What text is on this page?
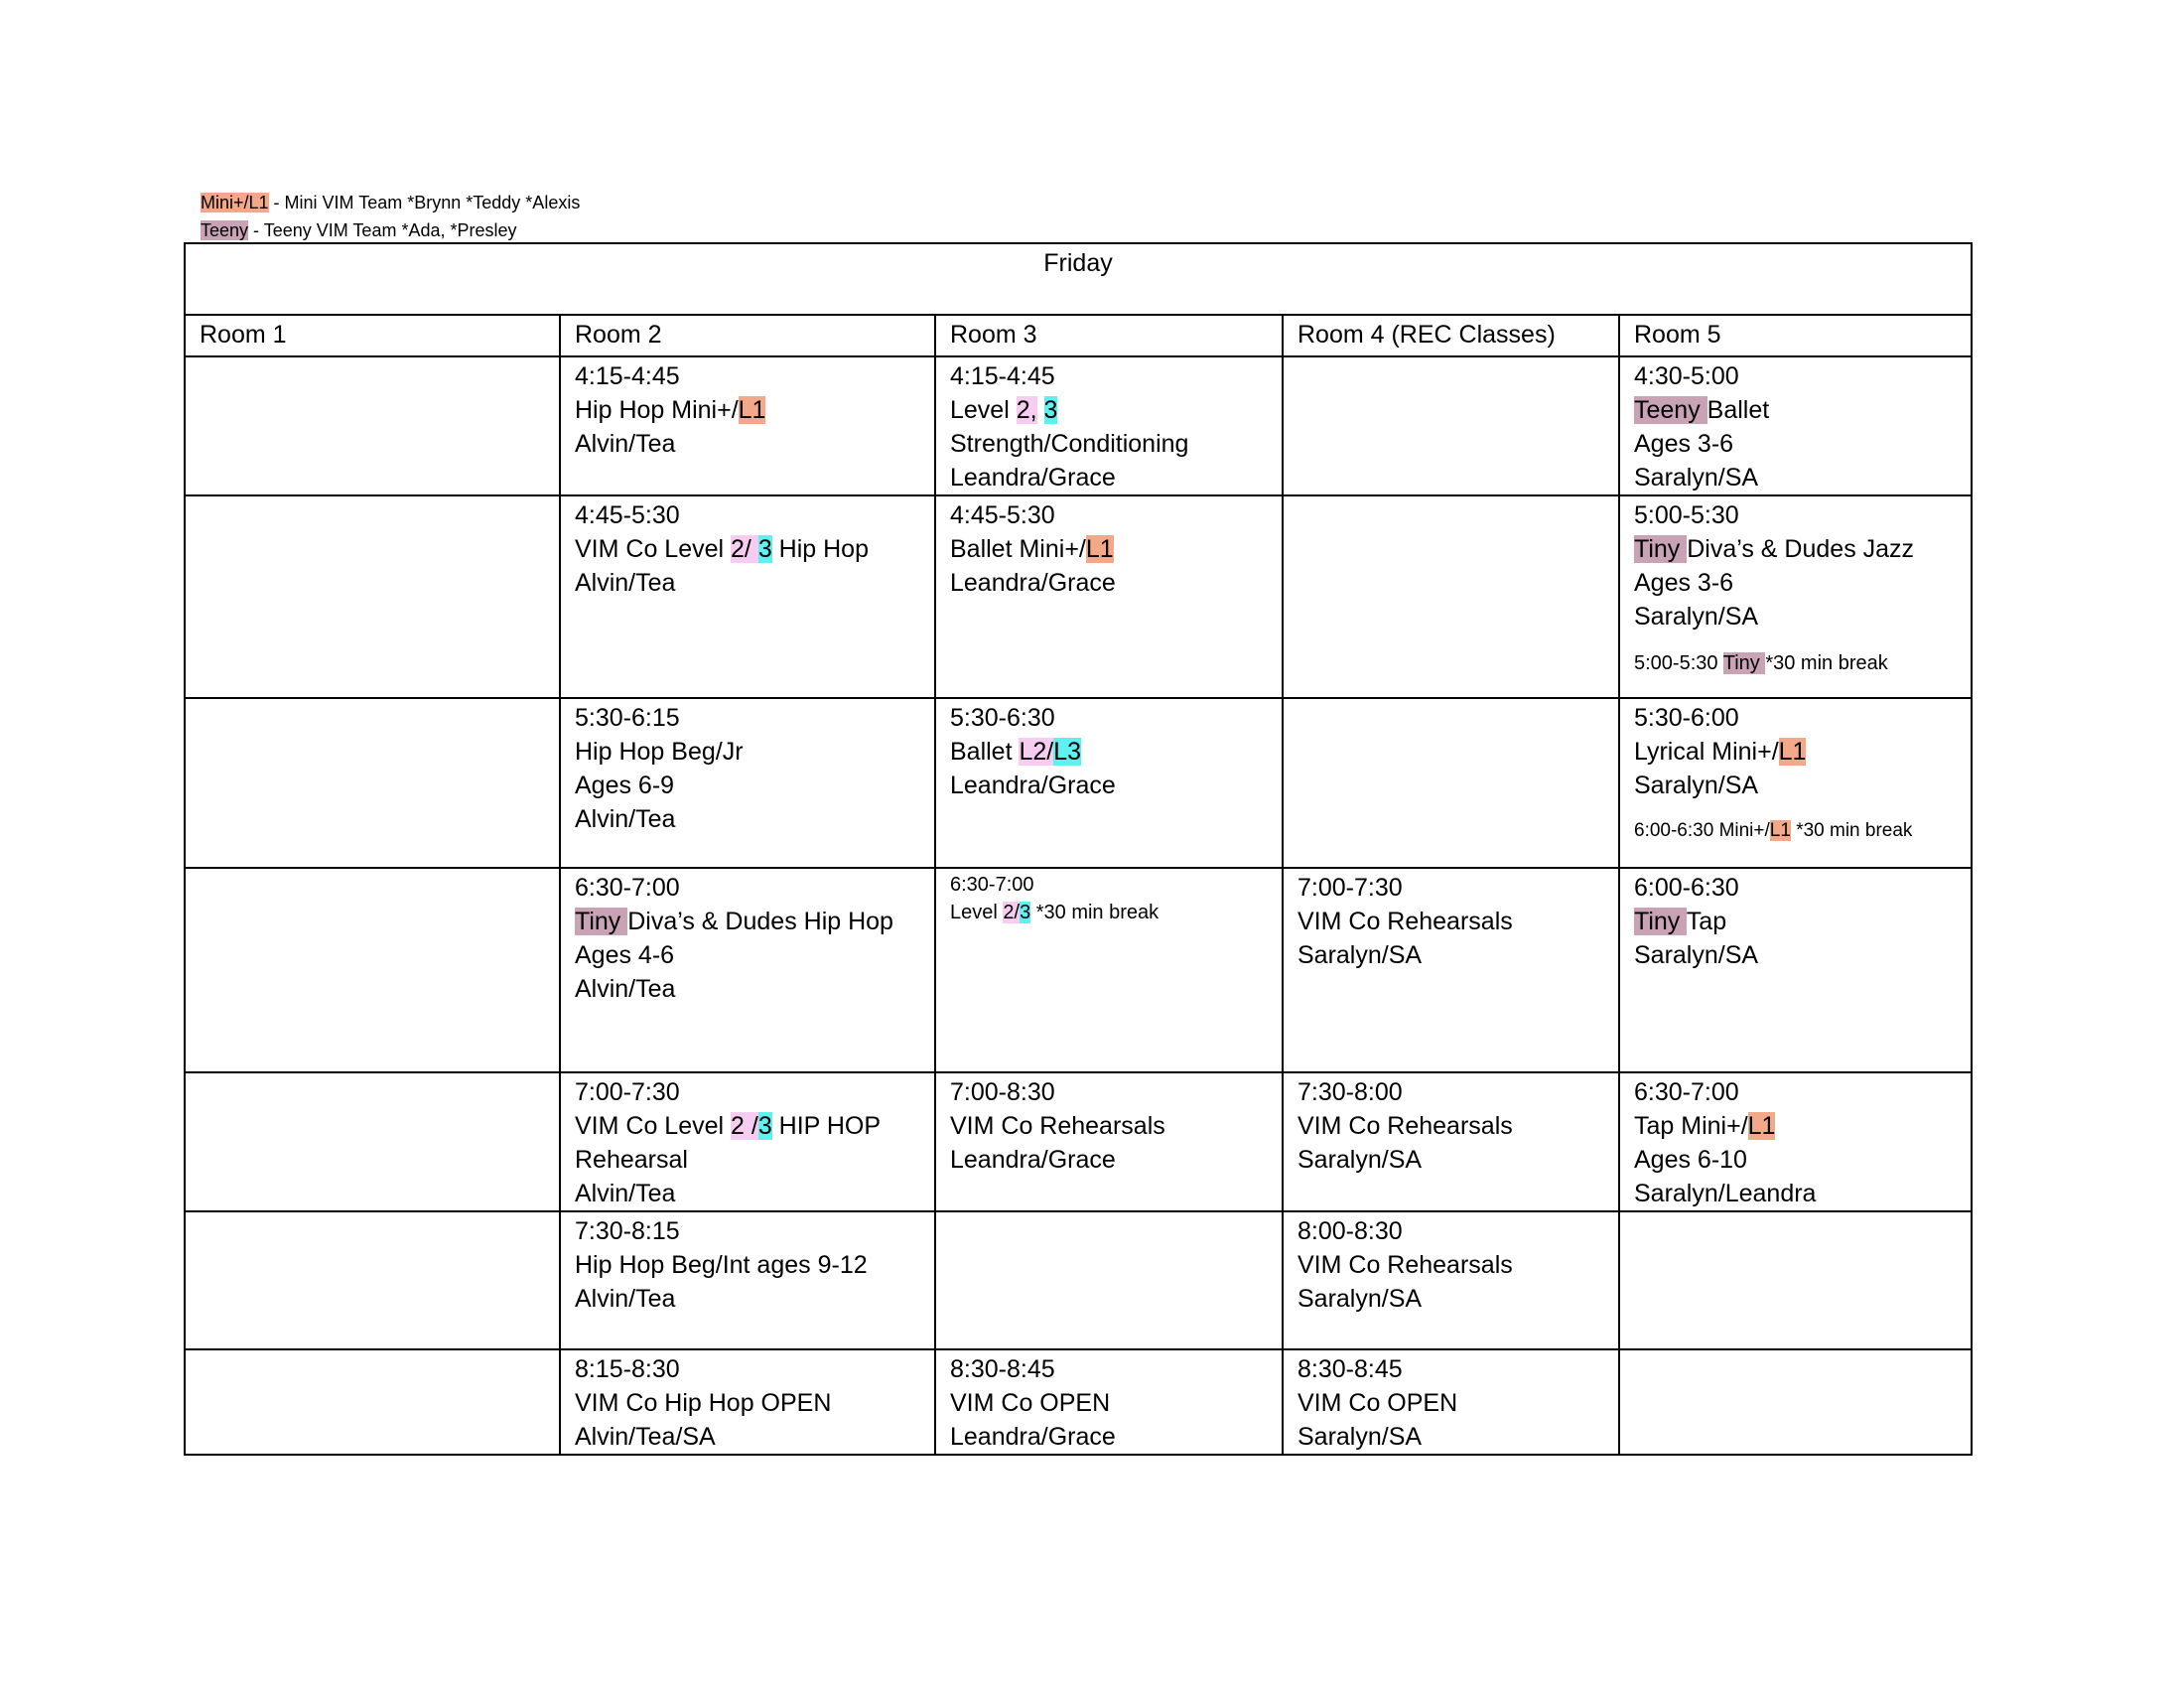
Mini+/L1 - Mini VIM Team *Brynn *Teddy *Alexis
Teeny - Teeny VIM Team *Ada, *Presley
Friday				
Room 1	Room 2	Room 3	Room 4 (REC Classes)	Room 5

	4:15-4:45
Hip Hop Mini+/L1
Alvin/Tea	4:15-4:45
Level 2, 3
Strength/Conditioning
Leandra/Grace		4:30-5:00
Teeny Ballet
Ages 3-6
Saralyn/SA

	4:45-5:30
VIM Co Level 2/ 3 Hip Hop
Alvin/Tea	4:45-5:30
Ballet Mini+/L1
Leandra/Grace		5:00-5:30
Tiny Diva’s & Dudes Jazz
Ages 3-6
Saralyn/SA
5:00-5:30 Tiny *30 min break

	5:30-6:15
Hip Hop Beg/Jr
Ages 6-9
Alvin/Tea	5:30-6:30
Ballet L2/L3
Leandra/Grace		5:30-6:00
Lyrical Mini+/L1
Saralyn/SA
6:00-6:30 Mini+/L1 *30 min break

	6:30-7:00
Tiny Diva’s & Dudes Hip Hop
Ages 4-6
Alvin/Tea	6:30-7:00
Level 2/3 *30 min break	7:00-7:30
VIM Co Rehearsals
Saralyn/SA	6:00-6:30
Tiny Tap
Saralyn/SA

	7:00-7:30
VIM Co Level 2 /3 HIP HOP
Rehearsal
Alvin/Tea	7:00-8:30
VIM Co Rehearsals
Leandra/Grace	7:30-8:00
VIM Co Rehearsals
Saralyn/SA	6:30-7:00
Tap Mini+/L1
Ages 6-10
Saralyn/Leandra

	7:30-8:15
Hip Hop Beg/Int ages 9-12
Alvin/Tea		8:00-8:30
VIM Co Rehearsals
Saralyn/SA	

	8:15-8:30
VIM Co Hip Hop OPEN
Alvin/Tea/SA	8:30-8:45
VIM Co OPEN
Leandra/Grace	8:30-8:45
VIM Co OPEN
Saralyn/SA	
